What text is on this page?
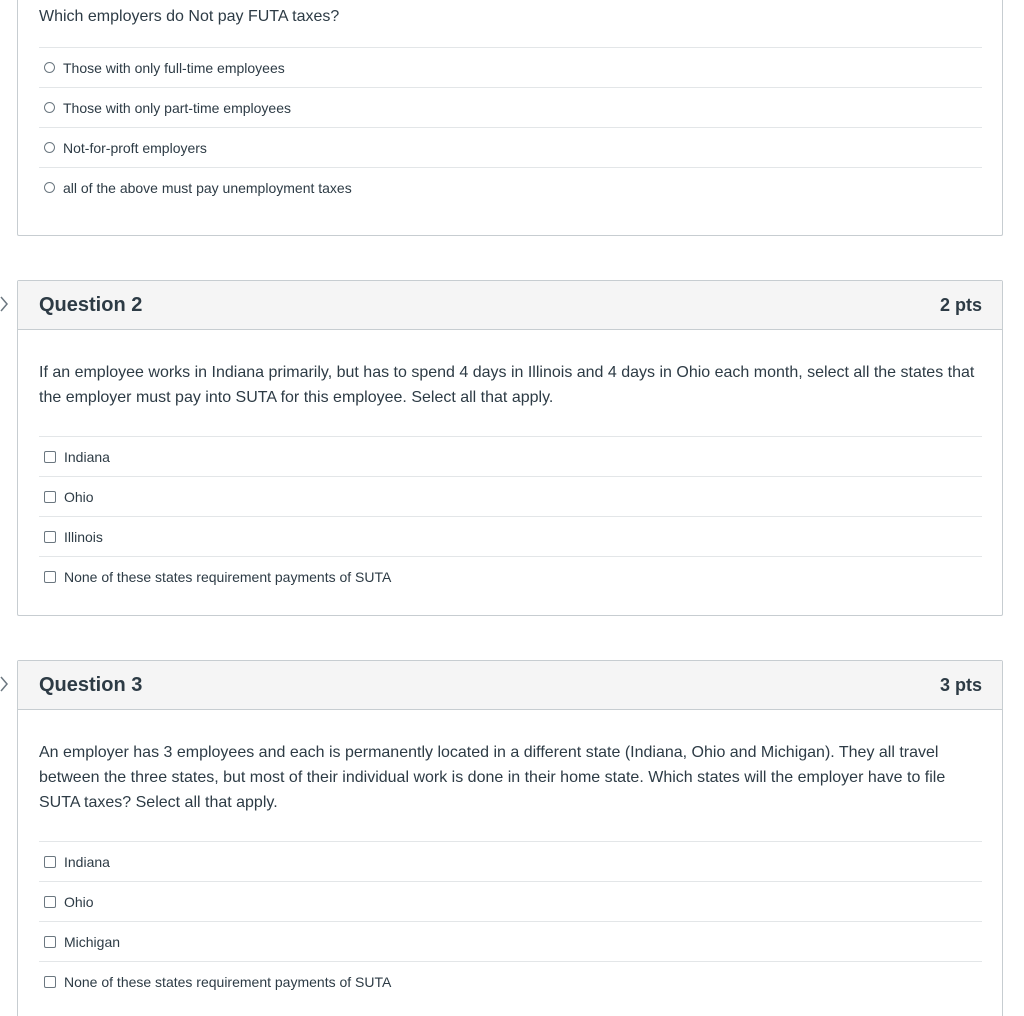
Which employers do Not pay FUTA taxes?
Those with only full-time employees
Those with only part-time employees
Not-for-proft employers
all of the above must pay unemployment taxes
Question 2	2 pts
If an employee works in Indiana primarily, but has to spend 4 days in Illinois and 4 days in Ohio each month, select all the states that the employer must pay into SUTA for this employee. Select all that apply.
Indiana
Ohio
Illinois
None of these states requirement payments of SUTA
Question 3	3 pts
An employer has 3 employees and each is permanently located in a different state (Indiana, Ohio and Michigan). They all travel between the three states, but most of their individual work is done in their home state. Which states will the employer have to file SUTA taxes? Select all that apply.
Indiana
Ohio
Michigan
None of these states requirement payments of SUTA
